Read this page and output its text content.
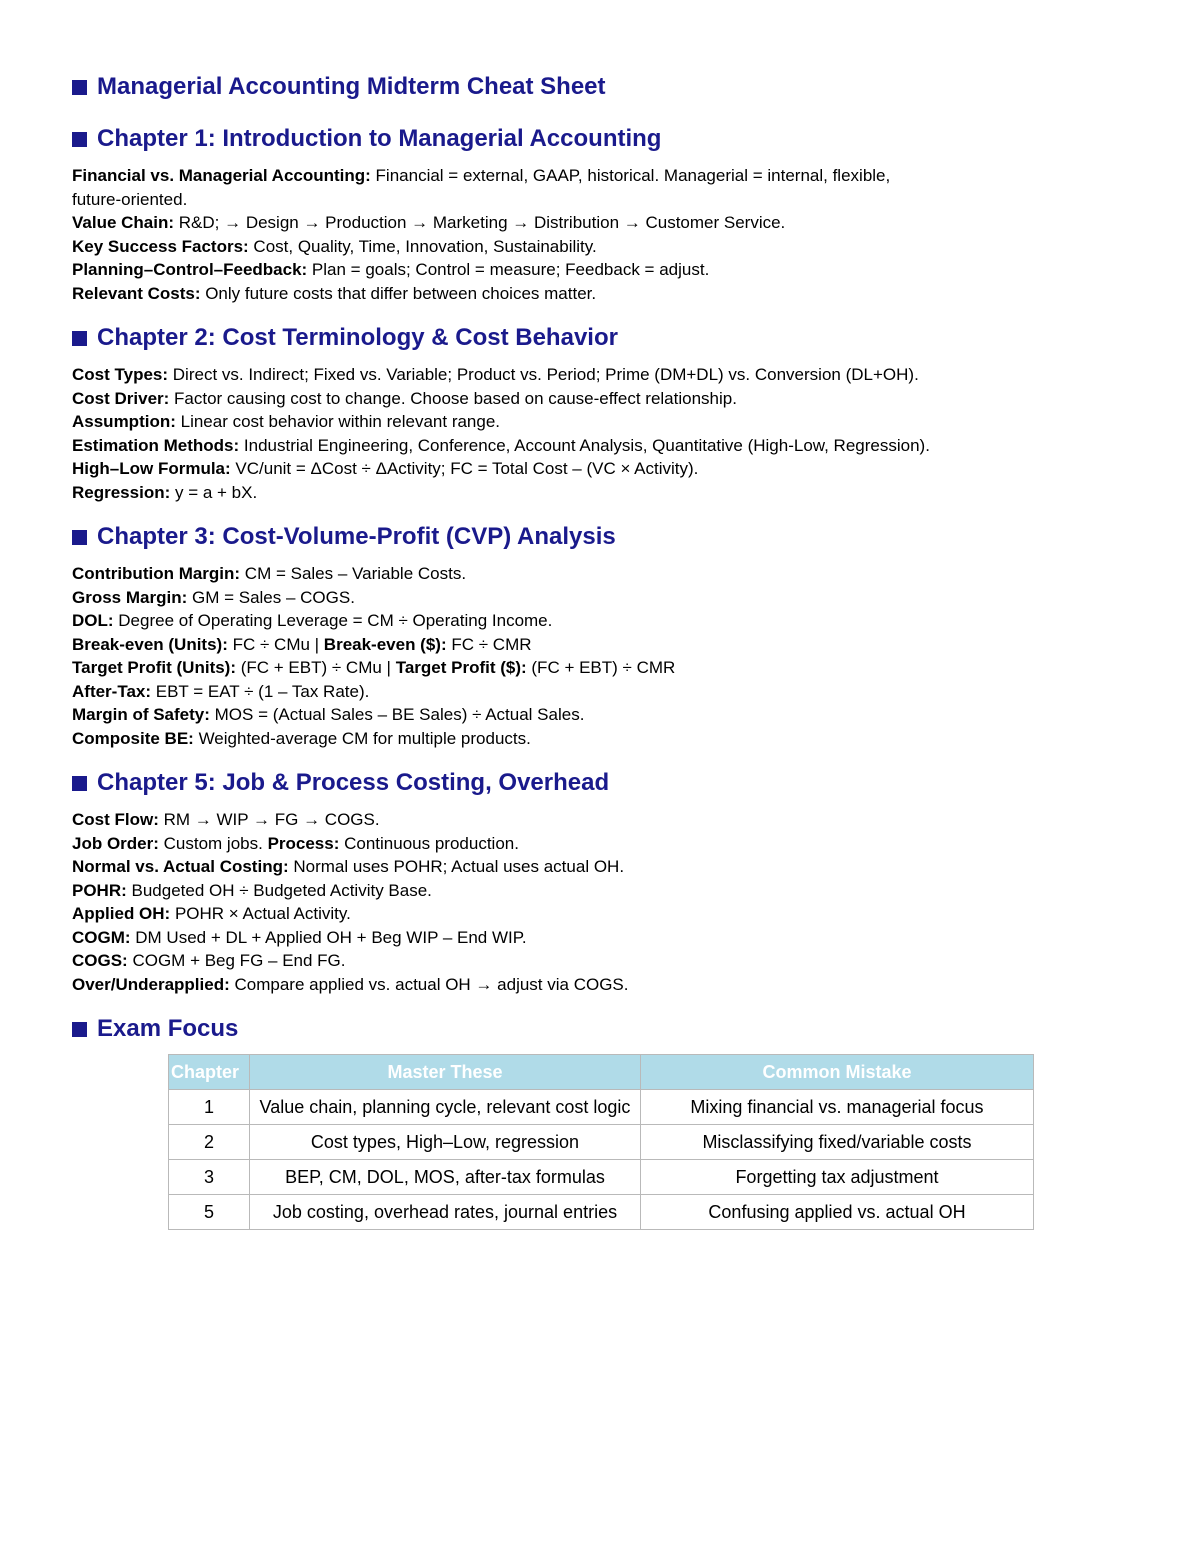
Managerial Accounting Midterm Cheat Sheet
Chapter 1: Introduction to Managerial Accounting

Financial vs. Managerial Accounting: Financial = external, GAAP, historical. Managerial = internal, flexible,

future-oriented.

Value Chain: R&D; → Design → Production → Marketing → Distribution → Customer Service.

Key Success Factors: Cost, Quality, Time, Innovation, Sustainability.

Planning–Control–Feedback: Plan = goals; Control = measure; Feedback = adjust.

Relevant Costs: Only future costs that differ between choices matter.

Chapter 2: Cost Terminology & Cost Behavior

Cost Types: Direct vs. Indirect; Fixed vs. Variable; Product vs. Period; Prime (DM+DL) vs. Conversion (DL+OH).

Cost Driver: Factor causing cost to change. Choose based on cause-effect relationship.

Assumption: Linear cost behavior within relevant range.

Estimation Methods: Industrial Engineering, Conference, Account Analysis, Quantitative (High-Low, Regression).

High–Low Formula: VC/unit = ΔCost ÷ ΔActivity; FC = Total Cost – (VC × Activity).

Regression: y = a + bX.

Chapter 3: Cost-Volume-Profit (CVP) Analysis

Contribution Margin: CM = Sales – Variable Costs.

Gross Margin: GM = Sales – COGS.

DOL: Degree of Operating Leverage = CM ÷ Operating Income.

Break-even (Units): FC ÷ CMu | Break-even ($): FC ÷ CMR

Target Profit (Units): (FC + EBT) ÷ CMu | Target Profit ($): (FC + EBT) ÷ CMR

After-Tax: EBT = EAT ÷ (1 – Tax Rate).

Margin of Safety: MOS = (Actual Sales – BE Sales) ÷ Actual Sales.

Composite BE: Weighted-average CM for multiple products.

Chapter 5: Job & Process Costing, Overhead

Cost Flow: RM → WIP → FG → COGS.

Job Order: Custom jobs. Process: Continuous production.

Normal vs. Actual Costing: Normal uses POHR; Actual uses actual OH.

POHR: Budgeted OH ÷ Budgeted Activity Base.

Applied OH: POHR × Actual Activity.

COGM: DM Used + DL + Applied OH + Beg WIP – End WIP.

COGS: COGM + Beg FG – End FG.

Over/Underapplied: Compare applied vs. actual OH → adjust via COGS.

Exam Focus
Chapter	Master These	Common Mistake
1	Value chain, planning cycle, relevant cost logic	Mixing financial vs. managerial focus
2	Cost types, High–Low, regression	Misclassifying fixed/variable costs
3	BEP, CM, DOL, MOS, after-tax formulas	Forgetting tax adjustment
5	Job costing, overhead rates, journal entries	Confusing applied vs. actual OH
